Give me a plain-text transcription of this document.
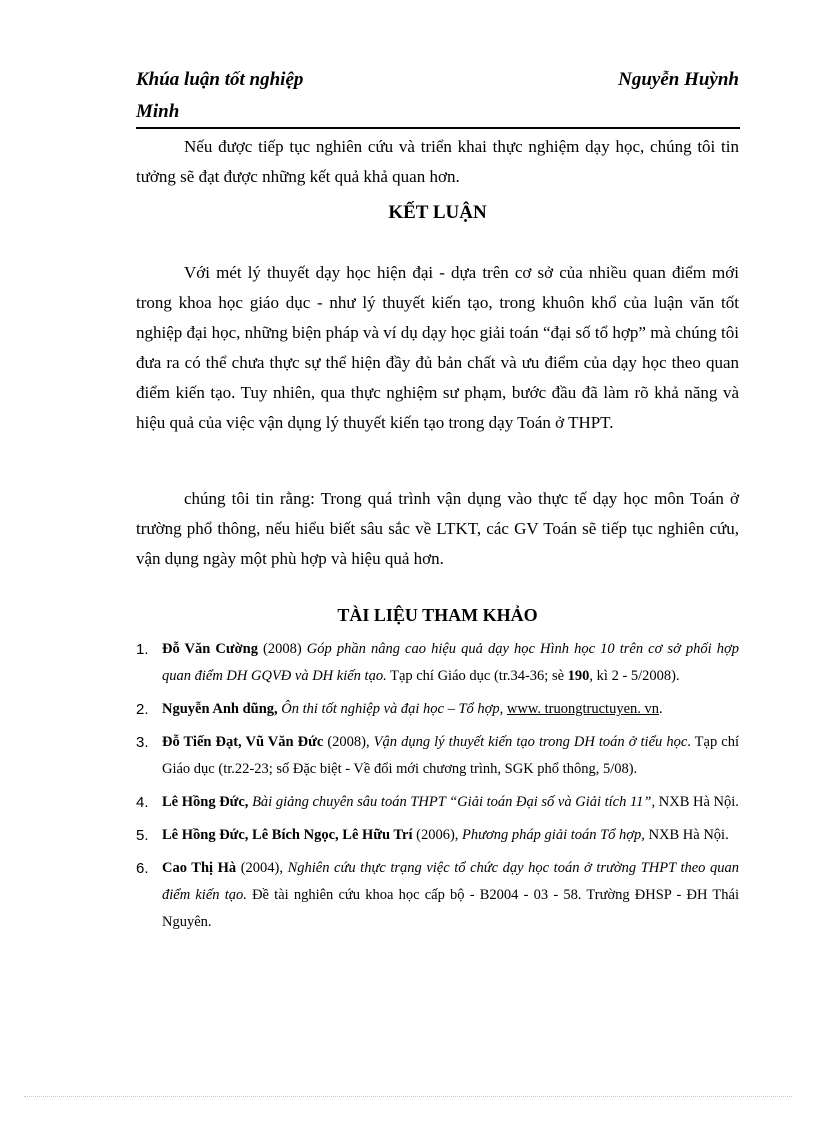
Khúa luận tốt nghiệp	Nguyễn Huỳnh
Minh
Nếu được tiếp tục nghiên cứu và triển khai thực nghiệm dạy học, chúng tôi tin tưởng sẽ đạt được những kết quả khả quan hơn.
KẾT LUẬN
Với mét lý thuyết dạy học hiện đại - dựa trên cơ sở của nhiều quan điểm mới trong khoa học giáo dục - như lý thuyết kiến tạo, trong khuôn khổ của luận văn tốt nghiệp đại học, những biện pháp và ví dụ dạy học giải toán “đại số tổ hợp” mà chúng tôi đưa ra có thể chưa thực sự thể hiện đầy đủ bản chất và ưu điểm của dạy học theo quan điểm kiến tạo. Tuy nhiên, qua thực nghiệm sư phạm, bước đầu đã làm rõ khả năng và hiệu quả của việc vận dụng lý thuyết kiến tạo trong dạy Toán ở THPT.
chúng tôi tin rằng: Trong quá trình vận dụng vào thực tế dạy học môn Toán ở trường phổ thông, nếu hiểu biết sâu sắc về LTKT, các GV Toán sẽ tiếp tục nghiên cứu, vận dụng ngày một phù hợp và hiệu quả hơn.
TÀI LIỆU THAM KHẢO
1. Đỗ Văn Cường (2008) Góp phần nâng cao hiệu quả dạy học Hình học 10 trên cơ sở phối hợp quan điểm DH GQVĐ và DH kiến tạo. Tạp chí Giáo dục (tr.34-36; sè 190, kì 2 - 5/2008).
2. Nguyễn Anh dũng, Ôn thi tốt nghiệp và đại học – Tổ hợp, www. truongtructuyen. vn.
3. Đỗ Tiến Đạt, Vũ Văn Đức (2008), Vận dụng lý thuyết kiến tạo trong DH toán ở tiểu học. Tạp chí Giáo dục (tr.22-23; số Đặc biệt - Về đổi mới chương trình, SGK phổ thông, 5/08).
4. Lê Hồng Đức, Bài giảng chuyên sâu toán THPT “Giải toán Đại số và Giải tích 11”, NXB Hà Nội.
5. Lê Hồng Đức, Lê Bích Ngọc, Lê Hữu Trí (2006), Phương pháp giải toán Tổ hợp, NXB Hà Nội.
6. Cao Thị Hà (2004), Nghiên cứu thực trạng việc tổ chức dạy học toán ở trường THPT theo quan điểm kiến tạo. Đề tài nghiên cứu khoa học cấp bộ - B2004 - 03 - 58. Trường ĐHSP - ĐH Thái Nguyên.
